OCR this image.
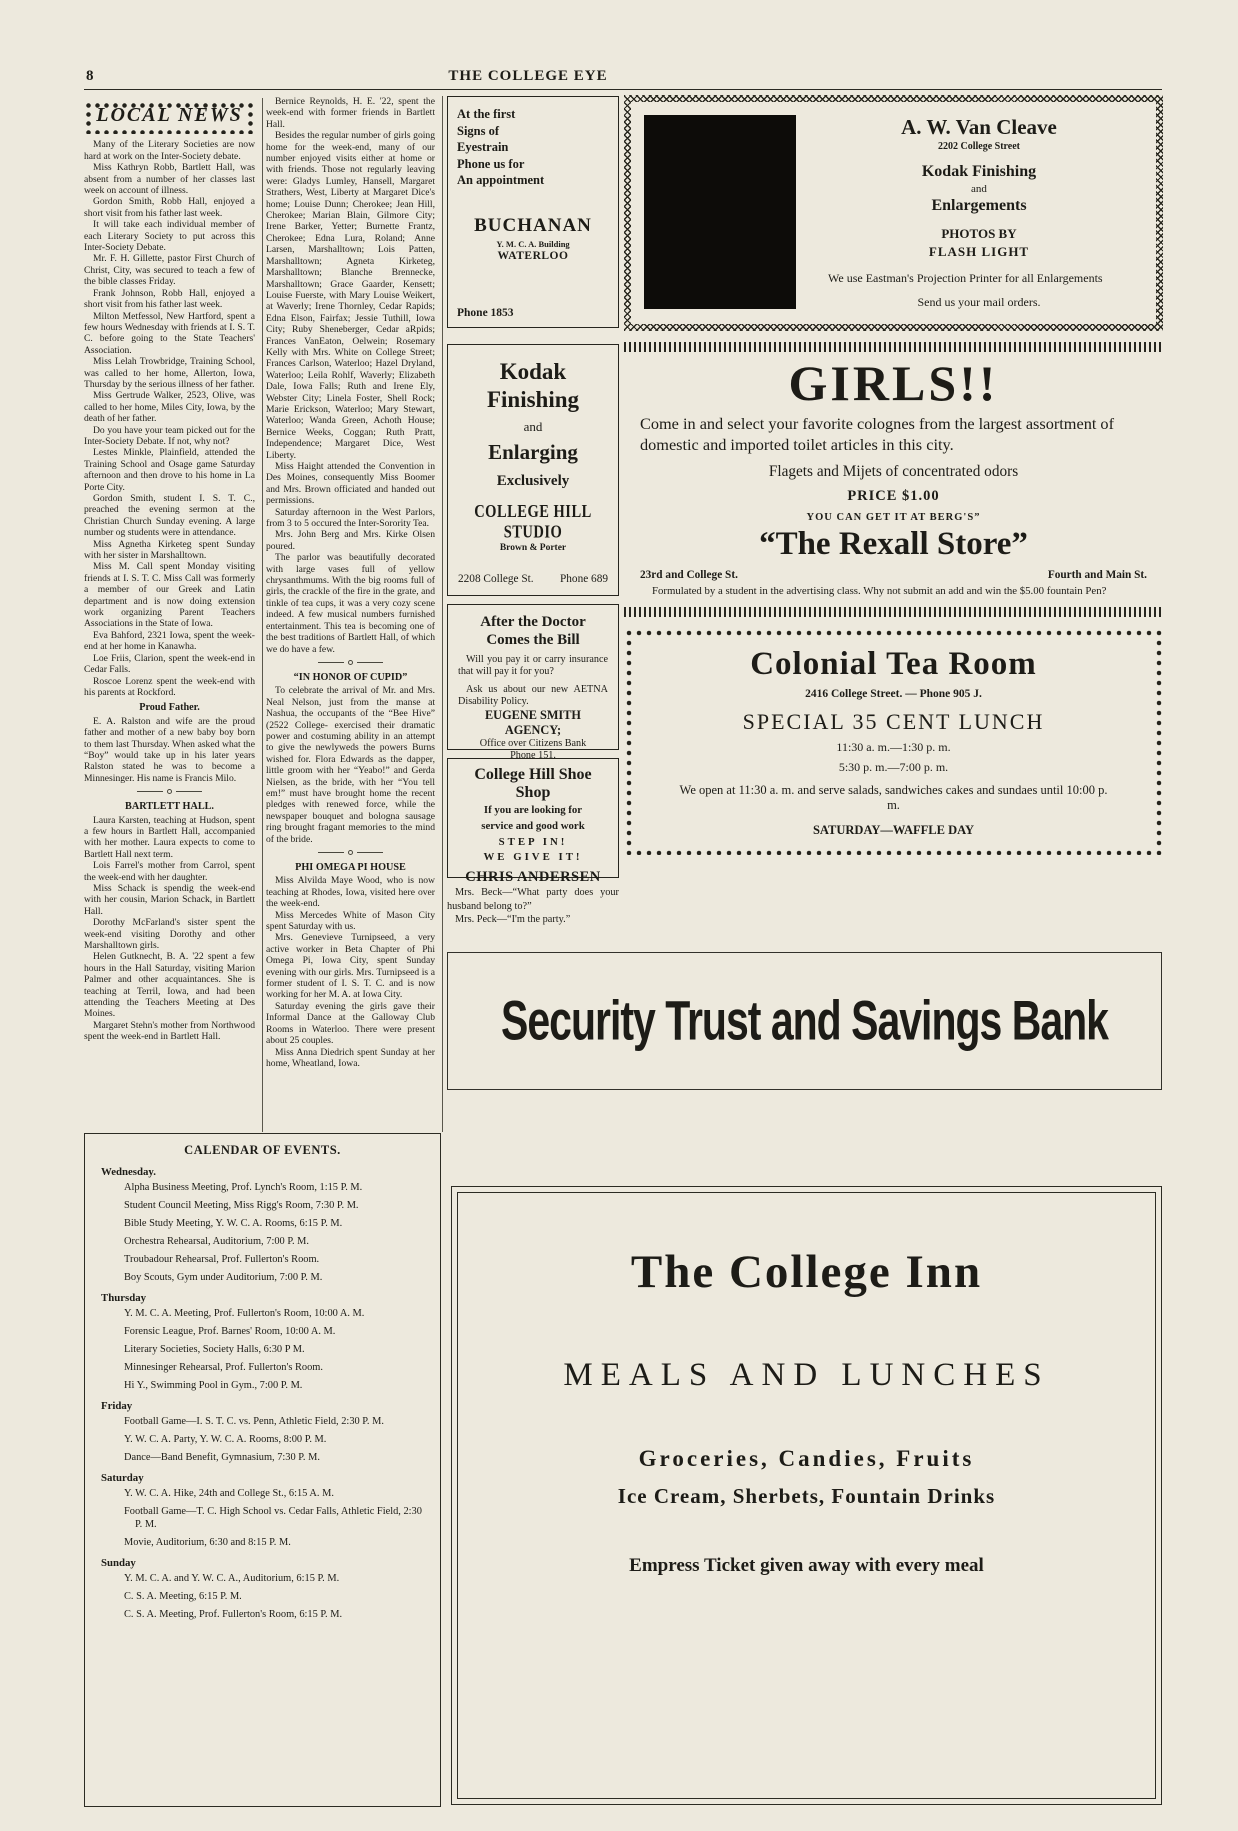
8	THE COLLEGE EYE
LOCAL NEWS

Many of the Literary Societies are now hard at work on the Inter-Society debate.

Miss Kathryn Robb, Bartlett Hall, was absent from a number of her classes last week on account of illness.

Gordon Smith, Robb Hall, enjoyed a short visit from his father last week.

It will take each individual member of each Literary Society to put across this Inter-Society Debate.

Mr. F. H. Gillette, pastor First Church of Christ, City, was secured to teach a few of the bible classes Friday.

Frank Johnson, Robb Hall, enjoyed a short visit from his father last week.

Milton Metfessol, New Hartford, spent a few hours Wednesday with friends at I. S. T. C. before going to the State Teachers' Association.

Miss Lelah Trowbridge, Training School, was called to her home, Allerton, Iowa, Thursday by the serious illness of her father.

Miss Gertrude Walker, 2523, Olive, was called to her home, Miles City, Iowa, by the death of her father.

Do you have your team picked out for the Inter-Society Debate. If not, why not?

Lestes Minkle, Plainfield, attended the Training School and Osage game Saturday afternoon and then drove to his home in La Porte City.

Gordon Smith, student I. S. T. C., preached the evening sermon at the Christian Church Sunday evening. A large number og students were in attendance.

Miss Agnetha Kirketeg spent Sunday with her sister in Marshalltown.

Miss M. Call spent Monday visiting friends at I. S. T. C. Miss Call was formerly a member of our Greek and Latin department and is now doing extension work organizing Parent Teachers Associations in the State of Iowa.

Eva Bahford, 2321 Iowa, spent the week-end at her home in Kanawha.

Loe Friis, Clarion, spent the week-end in Cedar Falls.

Roscoe Lorenz spent the week-end with his parents at Rockford.

Proud Father.

E. A. Ralston and wife are the proud father and mother of a new baby boy born to them last Thursday. When asked what the “Boy” would take up in his later years Ralston stated he was to become a Minnesinger. His name is Francis Milo.

BARTLETT HALL.

Laura Karsten, teaching at Hudson, spent a few hours in Bartlett Hall, accompanied with her mother. Laura expects to come to Bartlett Hall next term.

Lois Farrel's mother from Carrol, spent the week-end with her daughter.

Miss Schack is spendig the week-end with her cousin, Marion Schack, in Bartlett Hall.

Dorothy McFarland's sister spent the week-end visiting Dorothy and other Marshalltown girls.

Helen Gutknecht, B. A. '22 spent a few hours in the Hall Saturday, visiting Marion Palmer and other acquaintances. She is teaching at Terril, Iowa, and had been attending the Teachers Meeting at Des Moines.

Margaret Stehn's mother from Northwood spent the week-end in Bartlett Hall.

Bernice Reynolds, H. E. '22, spent the week-end with former friends in Bartlett Hall.

Besides the regular number of girls going home for the week-end, many of our number enjoyed visits either at home or with friends. Those not regularly leaving were: Gladys Lumley, Hansell, Margaret Strathers, West, Liberty at Margaret Dice's home; Louise Dunn; Cherokee; Jean Hill, Cherokee; Marian Blain, Gilmore City; Irene Barker, Yetter; Burnette Frantz, Cherokee; Edna Lura, Roland; Anne Larsen, Marshalltown; Lois Patten, Marshalltown; Agneta Kirketeg, Marshalltown; Blanche Brennecke, Marshalltown; Grace Gaarder, Kensett; Louise Fuerste, with Mary Louise Weikert, at Waverly; Irene Thornley, Cedar Rapids; Edna Elson, Fairfax; Jessie Tuthill, Iowa City; Ruby Sheneberger, Cedar aRpids; Frances VanEaton, Oelwein; Rosemary Kelly with Mrs. White on College Street; Frances Carlson, Waterloo; Hazel Dryland, Waterloo; Leila Rohlf, Waverly; Elizabeth Dale, Iowa Falls; Ruth and Irene Ely, Webster City; Linela Foster, Shell Rock; Marie Erickson, Waterloo; Mary Stewart, Waterloo; Wanda Green, Achoth House; Bernice Weeks, Coggan; Ruth Pratt, Independence; Margaret Dice, West Liberty.

Miss Haight attended the Convention in Des Moines, consequently Miss Boomer and Mrs. Brown officiated and handed out permissions.

Saturday afternoon in the West Parlors, from 3 to 5 occured the Inter-Sorority Tea.

Mrs. John Berg and Mrs. Kirke Olsen poured.

The parlor was beautifully decorated with large vases full of yellow chrysanthmums. With the big rooms full of girls, the crackle of the fire in the grate, and tinkle of tea cups, it was a very cozy scene indeed. A few musical numbers furnished entertainment. This tea is becoming one of the best traditions of Bartlett Hall, of which we do have a few.

“IN HONOR OF CUPID”

To celebrate the arrival of Mr. and Mrs. Neal Nelson, just from the manse at Nashua, the occupants of the “Bee Hive” (2522 College- exercised their dramatic power and costuming ability in an attempt to give the newlyweds the powers Burns wished for. Flora Edwards as the dapper, little groom with her “Yeabo!” and Gerda Nielsen, as the bride, with her “You tell em!” must have brought home the recent pledges with renewed force, while the newspaper bouquet and bologna sausage ring brought fragant memories to the mind of the bride.

PHI OMEGA PI HOUSE

Miss Alvilda Maye Wood, who is now teaching at Rhodes, Iowa, visited here over the week-end.

Miss Mercedes White of Mason City spent Saturday with us.

Mrs. Genevieve Turnipseed, a very active worker in Beta Chapter of Phi Omega Pi, Iowa City, spent Sunday evening with our girls. Mrs. Turnipseed is a former student of I. S. T. C. and is now working for her M. A. at Iowa City.

Saturday evening the girls gave their Informal Dance at the Galloway Club Rooms in Waterloo. There were present about 25 couples.

Miss Anna Diedrich spent Sunday at her home, Wheatland, Iowa.

At the first
Signs of
Eyestrain
Phone us for
An appointment
BUCHANAN
Y. M. C. A. Building
WATERLOO
Phone 1853
Kodak
Finishing
and
Enlarging
Exclusively
COLLEGE HILL STUDIO
Brown & Porter
2208 College St. Phone 689
After the Doctor
Comes the Bill
Will you pay it or carry insurance that will pay it for you?
Ask us about our new AETNA Disability Policy.
EUGENE SMITH AGENCY;
Office over Citizens Bank
Phone 151.
College Hill Shoe Shop
If you are looking for
service and good work
STEP IN!
WE GIVE IT!
CHRIS ANDERSEN

Mrs. Beck—“What party does your husband belong to?”

Mrs. Peck—“I'm the party.”

A. W. Van Cleave
2202 College Street
Kodak Finishing
and
Enlargements
PHOTOS BY
FLASH LIGHT
We use Eastman's Projection Printer for all Enlargements
Send us your mail orders.
GIRLS!!
Come in and select your favorite colognes from the largest assortment of domestic and imported toilet articles in this city.
Flagets and Mijets of concentrated odors
PRICE $1.00
YOU CAN GET IT AT BERG'S”
“The Rexall Store”
23rd and College St.	Fourth and Main St.
Formulated by a student in the advertising class. Why not submit an add and win the $5.00 fountain Pen?
Colonial Tea Room
2416 College Street. — Phone 905 J.
SPECIAL 35 CENT LUNCH
11:30 a. m.—1:30 p. m.
5:30 p. m.—7:00 p. m.
We open at 11:30 a. m. and serve salads, sandwiches cakes and sundaes until 10:00 p. m.
SATURDAY—WAFFLE DAY
Security Trust and Savings Bank
CALENDAR OF EVENTS.
Wednesday.
Alpha Business Meeting, Prof. Lynch's Room, 1:15 P. M.
Student Council Meeting, Miss Rigg's Room, 7:30 P. M.
Bible Study Meeting, Y. W. C. A. Rooms, 6:15 P. M.
Orchestra Rehearsal, Auditorium, 7:00 P. M.
Troubadour Rehearsal, Prof. Fullerton's Room.
Boy Scouts, Gym under Auditorium, 7:00 P. M.
Thursday
Y. M. C. A. Meeting, Prof. Fullerton's Room, 10:00 A. M.
Forensic League, Prof. Barnes' Room, 10:00 A. M.
Literary Societies, Society Halls, 6:30 P M.
Minnesinger Rehearsal, Prof. Fullerton's Room.
Hi Y., Swimming Pool in Gym., 7:00 P. M.
Friday
Football Game—I. S. T. C. vs. Penn, Athletic Field, 2:30 P. M.
Y. W. C. A. Party, Y. W. C. A. Rooms, 8:00 P. M.
Dance—Band Benefit, Gymnasium, 7:30 P. M.
Saturday
Y. W. C. A. Hike, 24th and College St., 6:15 A. M.
Football Game—T. C. High School vs. Cedar Falls, Athletic Field, 2:30 P. M.
Movie, Auditorium, 6:30 and 8:15 P. M.
Sunday
Y. M. C. A. and Y. W. C. A., Auditorium, 6:15 P. M.
C. S. A. Meeting, 6:15 P. M.
C. S. A. Meeting, Prof. Fullerton's Room, 6:15 P. M.
The College Inn
MEALS AND LUNCHES
Groceries, Candies, Fruits
Ice Cream, Sherbets, Fountain Drinks
Empress Ticket given away with every meal
